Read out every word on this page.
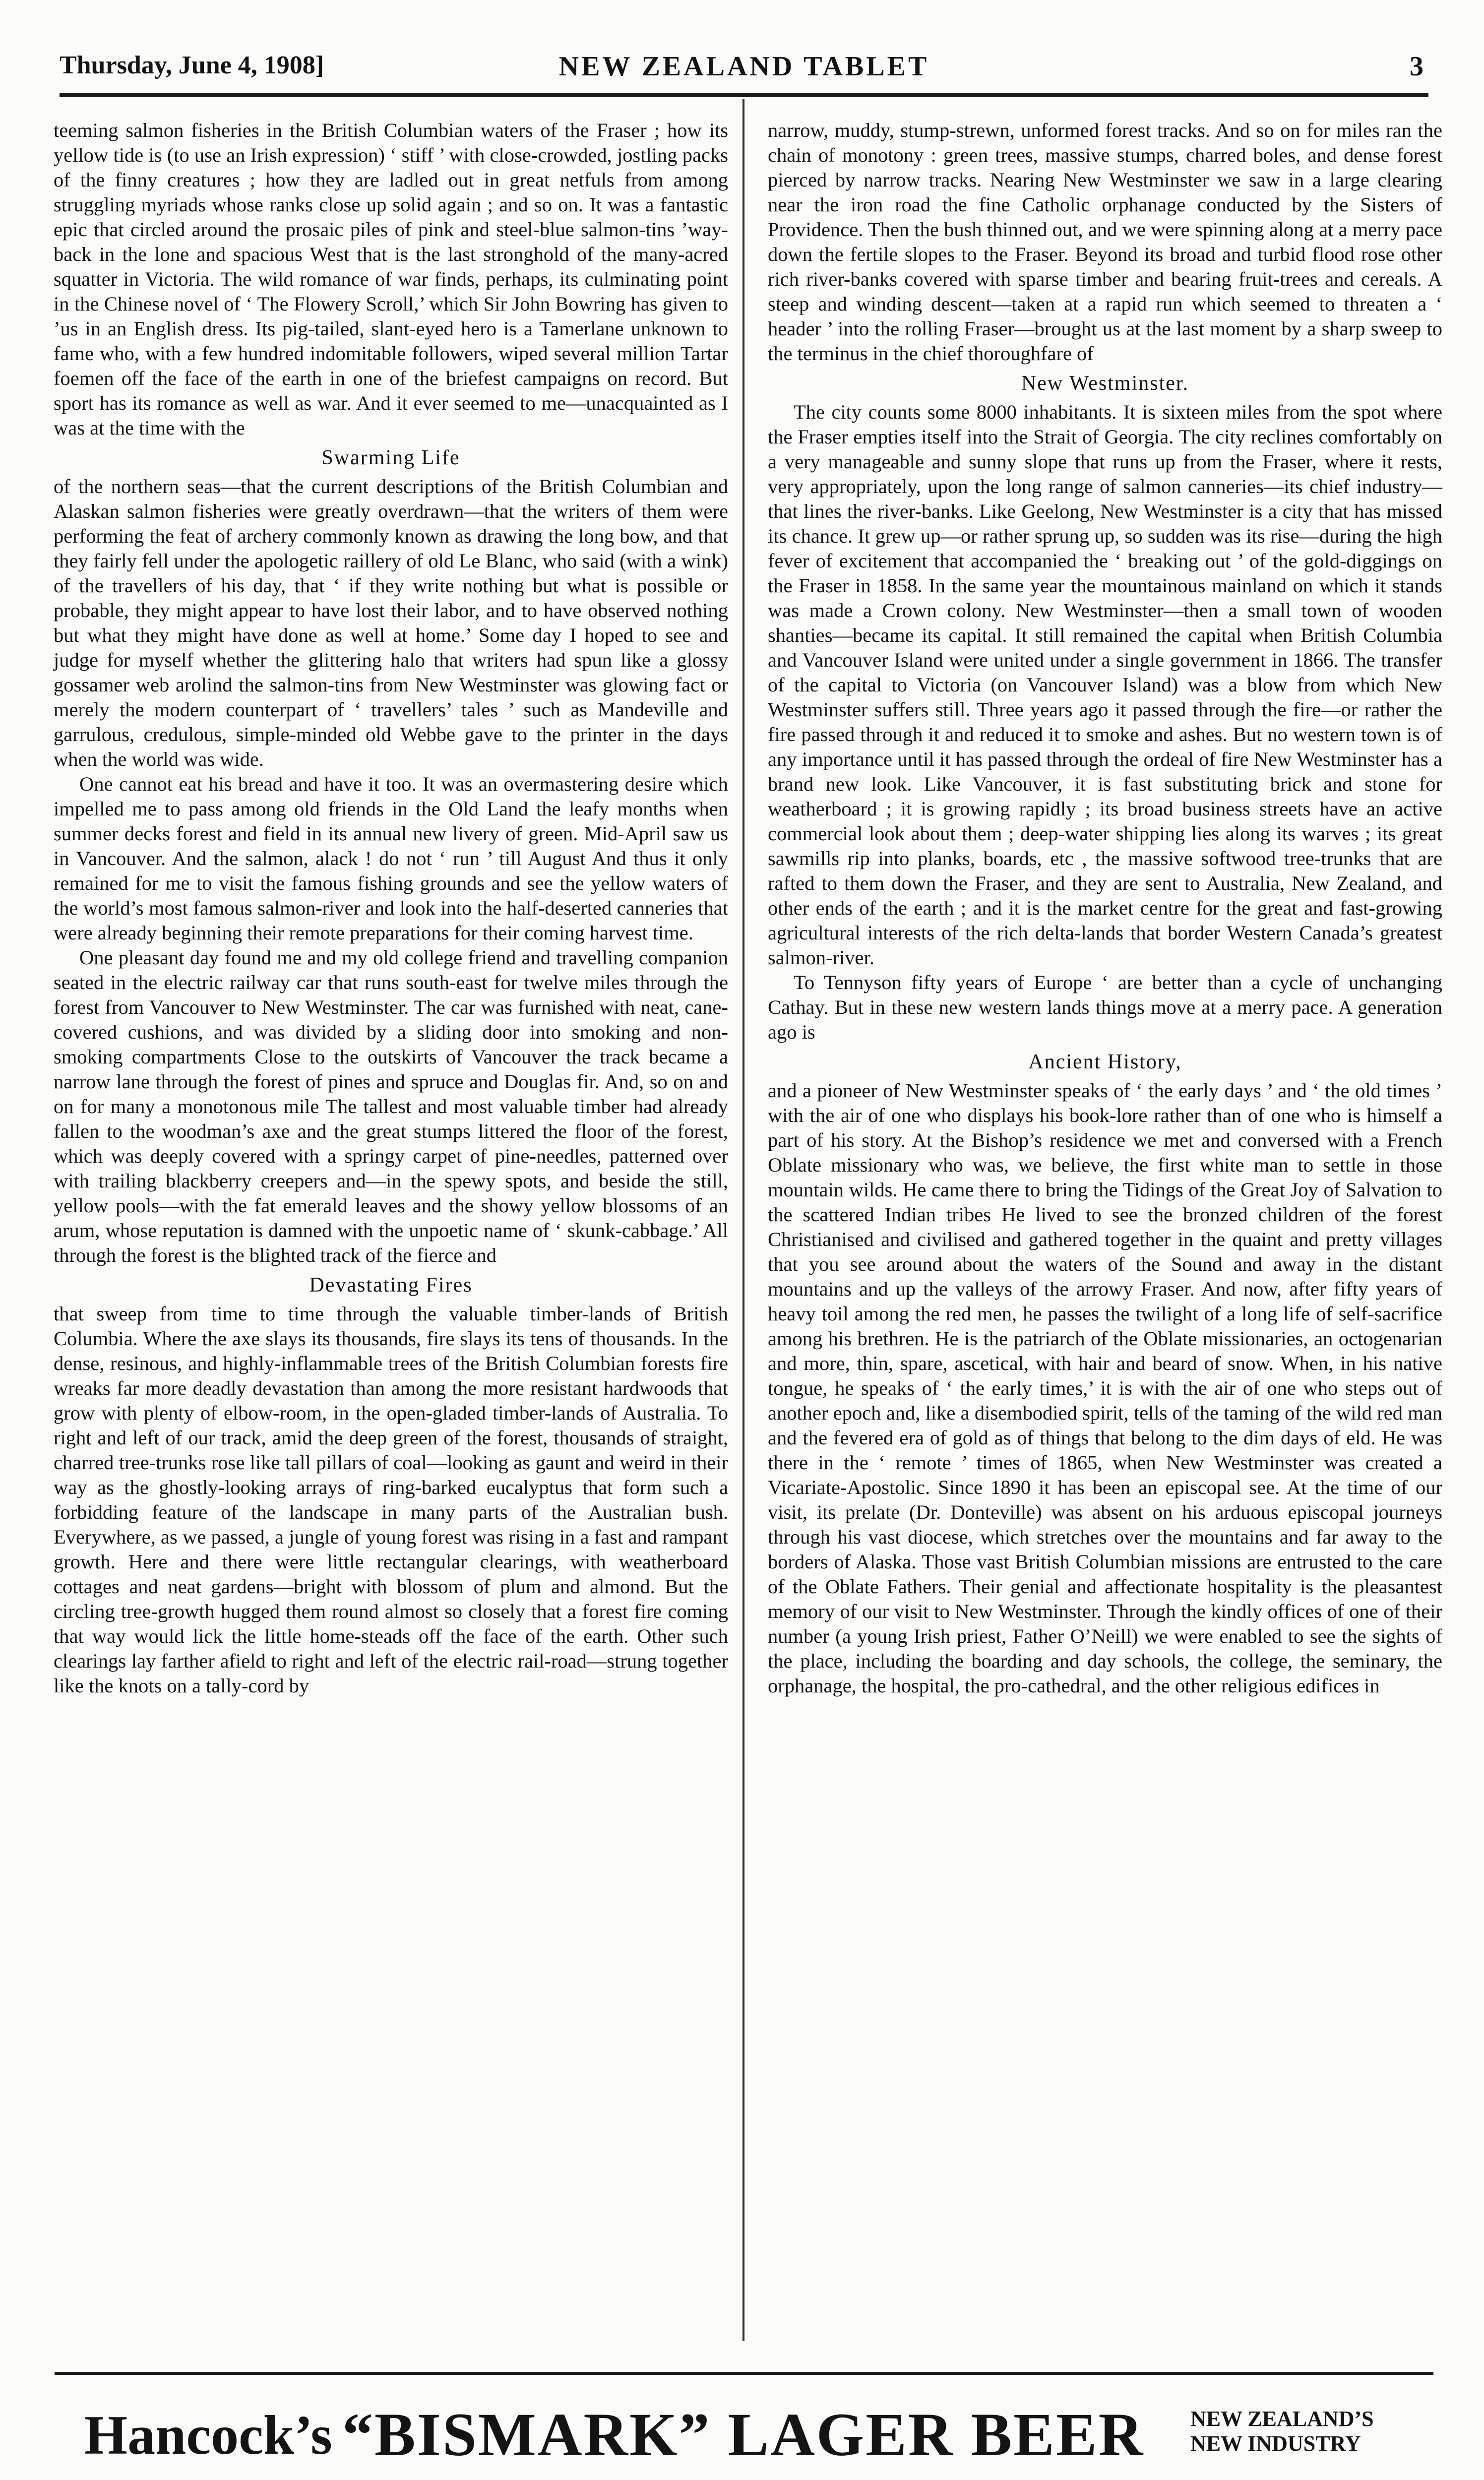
Thursday, June 4, 1908]	NEW ZEALAND TABLET	3

teeming salmon fisheries in the British Columbian waters of the Fraser ; how its yellow tide is (to use an Irish expression) ‘ stiff ’ with close-crowded, jostling packs of the finny creatures ; how they are ladled out in great netfuls from among struggling myriads whose ranks close up solid again ; and so on. It was a fantastic epic that circled around the prosaic piles of pink and steel-blue salmon-tins ’way-back in the lone and spacious West that is the last stronghold of the many-acred squatter in Victoria. The wild romance of war finds, perhaps, its culminating point in the Chinese novel of ‘ The Flowery Scroll,’ which Sir John Bowring has given to ’us in an English dress. Its pig-tailed, slant-eyed hero is a Tamerlane unknown to fame who, with a few hundred indomitable followers, wiped several million Tartar foemen off the face of the earth in one of the briefest campaigns on record. But sport has its romance as well as war. And it ever seemed to me—unacquainted as I was at the time with the

Swarming Life

of the northern seas—that the current descriptions of the British Columbian and Alaskan salmon fisheries were greatly overdrawn—that the writers of them were performing the feat of archery commonly known as drawing the long bow, and that they fairly fell under the apologetic raillery of old Le Blanc, who said (with a wink) of the travellers of his day, that ‘ if they write nothing but what is possible or probable, they might appear to have lost their labor, and to have observed nothing but what they might have done as well at home.’ Some day I hoped to see and judge for myself whether the glittering halo that writers had spun like a glossy gossamer web arolind the salmon-tins from New Westminster was glowing fact or merely the modern counterpart of ‘ travellers’ tales ’ such as Mandeville and garrulous, credulous, simple-minded old Webbe gave to the printer in the days when the world was wide.

One cannot eat his bread and have it too. It was an overmastering desire which impelled me to pass among old friends in the Old Land the leafy months when summer decks forest and field in its annual new livery of green. Mid-April saw us in Vancouver. And the salmon, alack ! do not ‘ run ’ till August And thus it only remained for me to visit the famous fishing grounds and see the yellow waters of the world’s most famous salmon-river and look into the half-deserted canneries that were already beginning their remote preparations for their coming harvest time.

One pleasant day found me and my old college friend and travelling companion seated in the electric railway car that runs south-east for twelve miles through the forest from Vancouver to New Westminster. The car was furnished with neat, cane-covered cushions, and was divided by a sliding door into smoking and non-smoking compartments Close to the outskirts of Vancouver the track became a narrow lane through the forest of pines and spruce and Douglas fir. And, so on and on for many a monotonous mile The tallest and most valuable timber had already fallen to the woodman’s axe and the great stumps littered the floor of the forest, which was deeply covered with a springy carpet of pine-needles, patterned over with trailing blackberry creepers and—in the spewy spots, and beside the still, yellow pools—with the fat emerald leaves and the showy yellow blossoms of an arum, whose reputation is damned with the unpoetic name of ‘ skunk-cabbage.’ All through the forest is the blighted track of the fierce and

Devastating Fires

that sweep from time to time through the valuable timber-lands of British Columbia. Where the axe slays its thousands, fire slays its tens of thousands. In the dense, resinous, and highly-inflammable trees of the British Columbian forests fire wreaks far more deadly devastation than among the more resistant hardwoods that grow with plenty of elbow-room, in the open-gladed timber-lands of Australia. To right and left of our track, amid the deep green of the forest, thousands of straight, charred tree-trunks rose like tall pillars of coal—looking as gaunt and weird in their way as the ghostly-looking arrays of ring-barked eucalyptus that form such a forbidding feature of the landscape in many parts of the Australian bush. Everywhere, as we passed, a jungle of young forest was rising in a fast and rampant growth. Here and there were little rectangular clearings, with weatherboard cottages and neat gardens—bright with blossom of plum and almond. But the circling tree-growth hugged them round almost so closely that a forest fire coming that way would lick the little home-steads off the face of the earth. Other such clearings lay farther afield to right and left of the electric rail-road—strung together like the knots on a tally-cord by

narrow, muddy, stump-strewn, unformed forest tracks. And so on for miles ran the chain of monotony : green trees, massive stumps, charred boles, and dense forest pierced by narrow tracks. Nearing New Westminster we saw in a large clearing near the iron road the fine Catholic orphanage conducted by the Sisters of Providence. Then the bush thinned out, and we were spinning along at a merry pace down the fertile slopes to the Fraser. Beyond its broad and turbid flood rose other rich river-banks covered with sparse timber and bearing fruit-trees and cereals. A steep and winding descent—taken at a rapid run which seemed to threaten a ‘ header ’ into the rolling Fraser—brought us at the last moment by a sharp sweep to the terminus in the chief thoroughfare of

New Westminster.

The city counts some 8000 inhabitants. It is sixteen miles from the spot where the Fraser empties itself into the Strait of Georgia. The city reclines comfortably on a very manageable and sunny slope that runs up from the Fraser, where it rests, very appropriately, upon the long range of salmon canneries—its chief industry—that lines the river-banks. Like Geelong, New Westminster is a city that has missed its chance. It grew up—or rather sprung up, so sudden was its rise—during the high fever of excitement that accompanied the ‘ breaking out ’ of the gold-diggings on the Fraser in 1858. In the same year the mountainous mainland on which it stands was made a Crown colony. New Westminster—then a small town of wooden shanties—became its capital. It still remained the capital when British Columbia and Vancouver Island were united under a single government in 1866. The transfer of the capital to Victoria (on Vancouver Island) was a blow from which New Westminster suffers still. Three years ago it passed through the fire—or rather the fire passed through it and reduced it to smoke and ashes. But no western town is of any importance until it has passed through the ordeal of fire New Westminster has a brand new look. Like Vancouver, it is fast substituting brick and stone for weatherboard ; it is growing rapidly ; its broad business streets have an active commercial look about them ; deep-water shipping lies along its warves ; its great sawmills rip into planks, boards, etc , the massive softwood tree-trunks that are rafted to them down the Fraser, and they are sent to Australia, New Zealand, and other ends of the earth ; and it is the market centre for the great and fast-growing agricultural interests of the rich delta-lands that border Western Canada’s greatest salmon-river.

To Tennyson fifty years of Europe ‘ are better than a cycle of unchanging Cathay. But in these new western lands things move at a merry pace. A generation ago is

Ancient History,

and a pioneer of New Westminster speaks of ‘ the early days ’ and ‘ the old times ’ with the air of one who displays his book-lore rather than of one who is himself a part of his story. At the Bishop’s residence we met and conversed with a French Oblate missionary who was, we believe, the first white man to settle in those mountain wilds. He came there to bring the Tidings of the Great Joy of Salvation to the scattered Indian tribes He lived to see the bronzed children of the forest Christianised and civilised and gathered together in the quaint and pretty villages that you see around about the waters of the Sound and away in the distant mountains and up the valleys of the arrowy Fraser. And now, after fifty years of heavy toil among the red men, he passes the twilight of a long life of self-sacrifice among his brethren. He is the patriarch of the Oblate missionaries, an octogenarian and more, thin, spare, ascetical, with hair and beard of snow. When, in his native tongue, he speaks of ‘ the early times,’ it is with the air of one who steps out of another epoch and, like a disembodied spirit, tells of the taming of the wild red man and the fevered era of gold as of things that belong to the dim days of eld. He was there in the ‘ remote ’ times of 1865, when New Westminster was created a Vicariate-Apostolic. Since 1890 it has been an episcopal see. At the time of our visit, its prelate (Dr. Donteville) was absent on his arduous episcopal journeys through his vast diocese, which stretches over the mountains and far away to the borders of Alaska. Those vast British Columbian missions are entrusted to the care of the Oblate Fathers. Their genial and affectionate hospitality is the pleasantest memory of our visit to New Westminster. Through the kindly offices of one of their number (a young Irish priest, Father O’Neill) we were enabled to see the sights of the place, including the boarding and day schools, the college, the seminary, the orphanage, the hospital, the pro-cathedral, and the other religious edifices in

Hancock’s “BISMARK” LAGER BEER NEW ZEALAND’S
NEW INDUSTRY
